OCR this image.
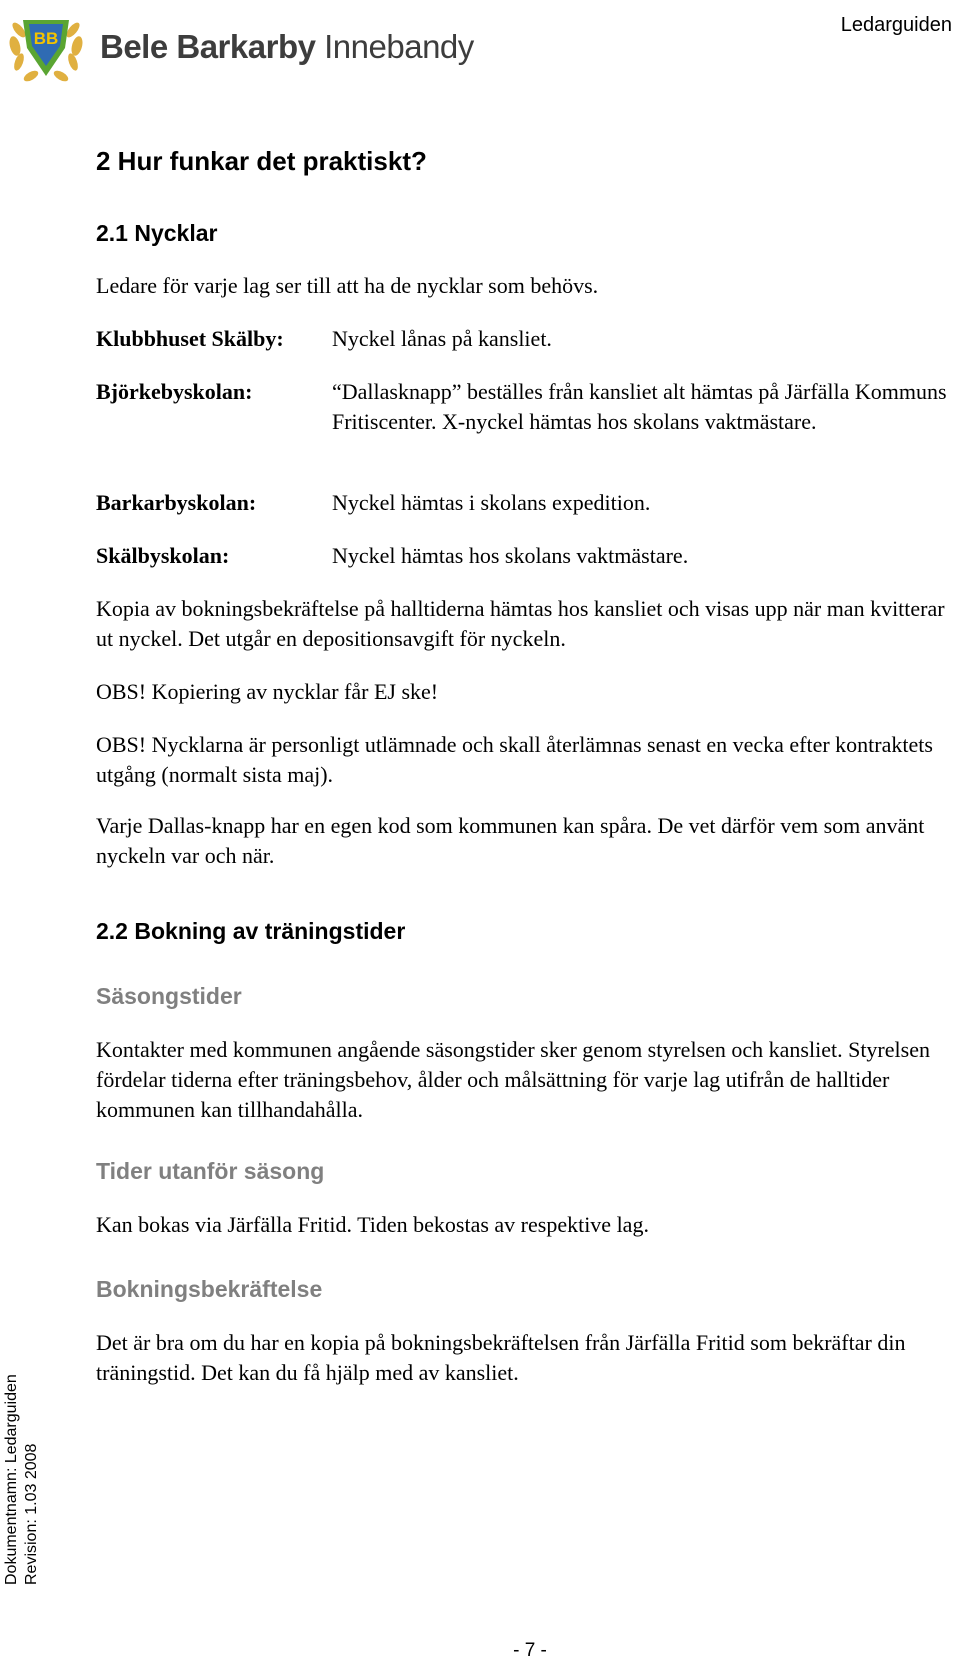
BB Bele Barkarby Innebandy
Ledarguiden
2 Hur funkar det praktiskt?
2.1 Nycklar

Ledare för varje lag ser till att ha de nycklar som behövs.

Klubbhuset Skälby: Nyckel lånas på kansliet.
Björkebyskolan:	“Dallasknapp” beställes från kansliet alt hämtas på Järfälla Kommuns Fritiscenter. X-nyckel hämtas hos skolans vaktmästare.
Barkarbyskolan:	Nyckel hämtas i skolans expedition.
Skälbyskolan:	Nyckel hämtas hos skolans vaktmästare.

Kopia av bokningsbekräftelse på halltiderna hämtas hos kansliet och visas upp när man kvitterar ut nyckel. Det utgår en depositionsavgift för nyckeln.

OBS! Kopiering av nycklar får EJ ske!

OBS! Nycklarna är personligt utlämnade och skall återlämnas senast en vecka efter kontraktets utgång (normalt sista maj).

Varje Dallas-knapp har en egen kod som kommunen kan spåra. De vet därför vem som använt nyckeln var och när.

2.2 Bokning av träningstider
Säsongstider

Kontakter med kommunen angående säsongstider sker genom styrelsen och kansliet. Styrelsen fördelar tiderna efter träningsbehov, ålder och målsättning för varje lag utifrån de halltider kommunen kan tillhandahålla.

Tider utanför säsong

Kan bokas via Järfälla Fritid. Tiden bekostas av respektive lag.

Bokningsbekräftelse

Det är bra om du har en kopia på bokningsbekräftelsen från Järfälla Fritid som bekräftar din träningstid. Det kan du få hjälp med av kansliet.

Dokumentnamn: Ledarguiden Revision: 1.03 2008
- 7 -
